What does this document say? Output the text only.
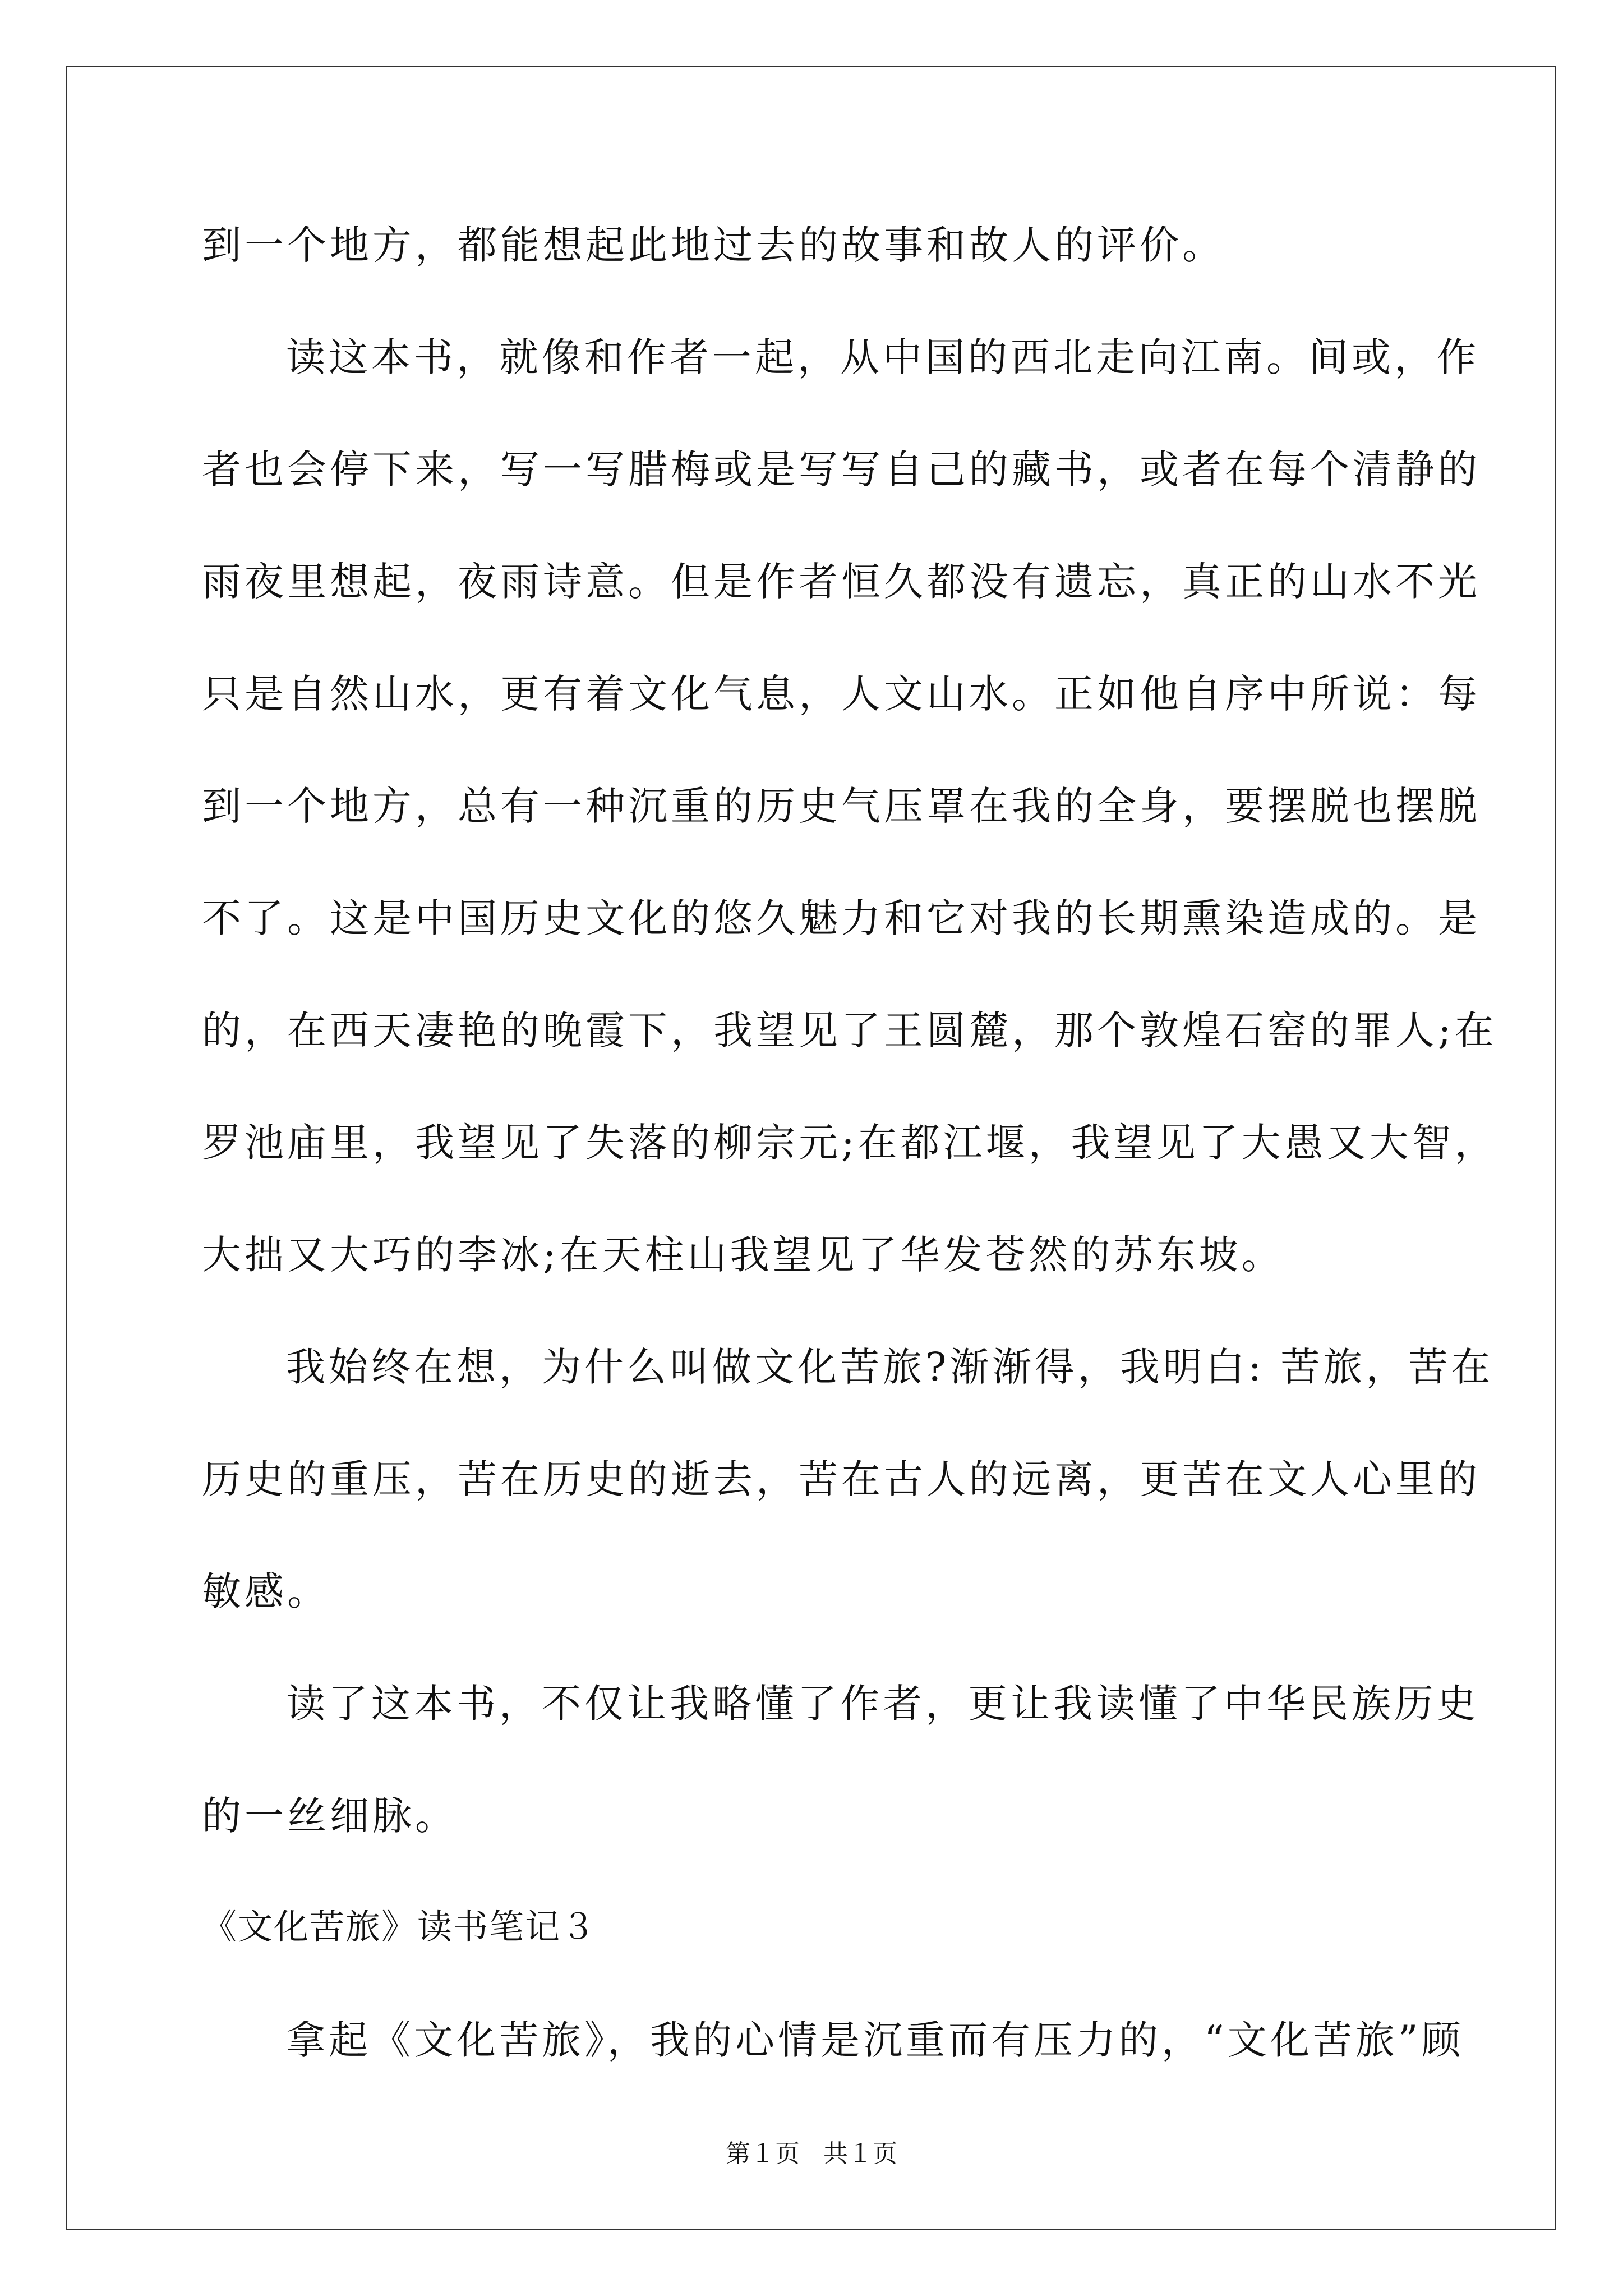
到一个地方，都能想起此地过去的故事和故人的评价。
读这本书，就像和作者一起，从中国的西北走向江南。间或，作
者也会停下来，写一写腊梅或是写写自己的藏书，或者在每个清静的
雨夜里想起，夜雨诗意。但是作者恒久都没有遗忘，真正的山水不光
只是自然山水，更有着文化气息，人文山水。正如他自序中所说：每
到一个地方，总有一种沉重的历史气压罩在我的全身，要摆脱也摆脱
不了。这是中国历史文化的悠久魅力和它对我的长期熏染造成的。是
的，在西天凄艳的晚霞下，我望见了王圆麓，那个敦煌石窑的罪人;在
罗池庙里，我望见了失落的柳宗元;在都江堰，我望见了大愚又大智，
大拙又大巧的李冰;在天柱山我望见了华发苍然的苏东坡。
我始终在想，为什么叫做文化苦旅?渐渐得，我明白: 苦旅，苦在
历史的重压，苦在历史的逝去，苦在古人的远离，更苦在文人心里的
敏感。
读了这本书，不仅让我略懂了作者，更让我读懂了中华民族历史
的一丝细脉。
《文化苦旅》读书笔记３
拿起《文化苦旅》，我的心情是沉重而有压力的，“文化苦旅”顾
第１页   共１页
